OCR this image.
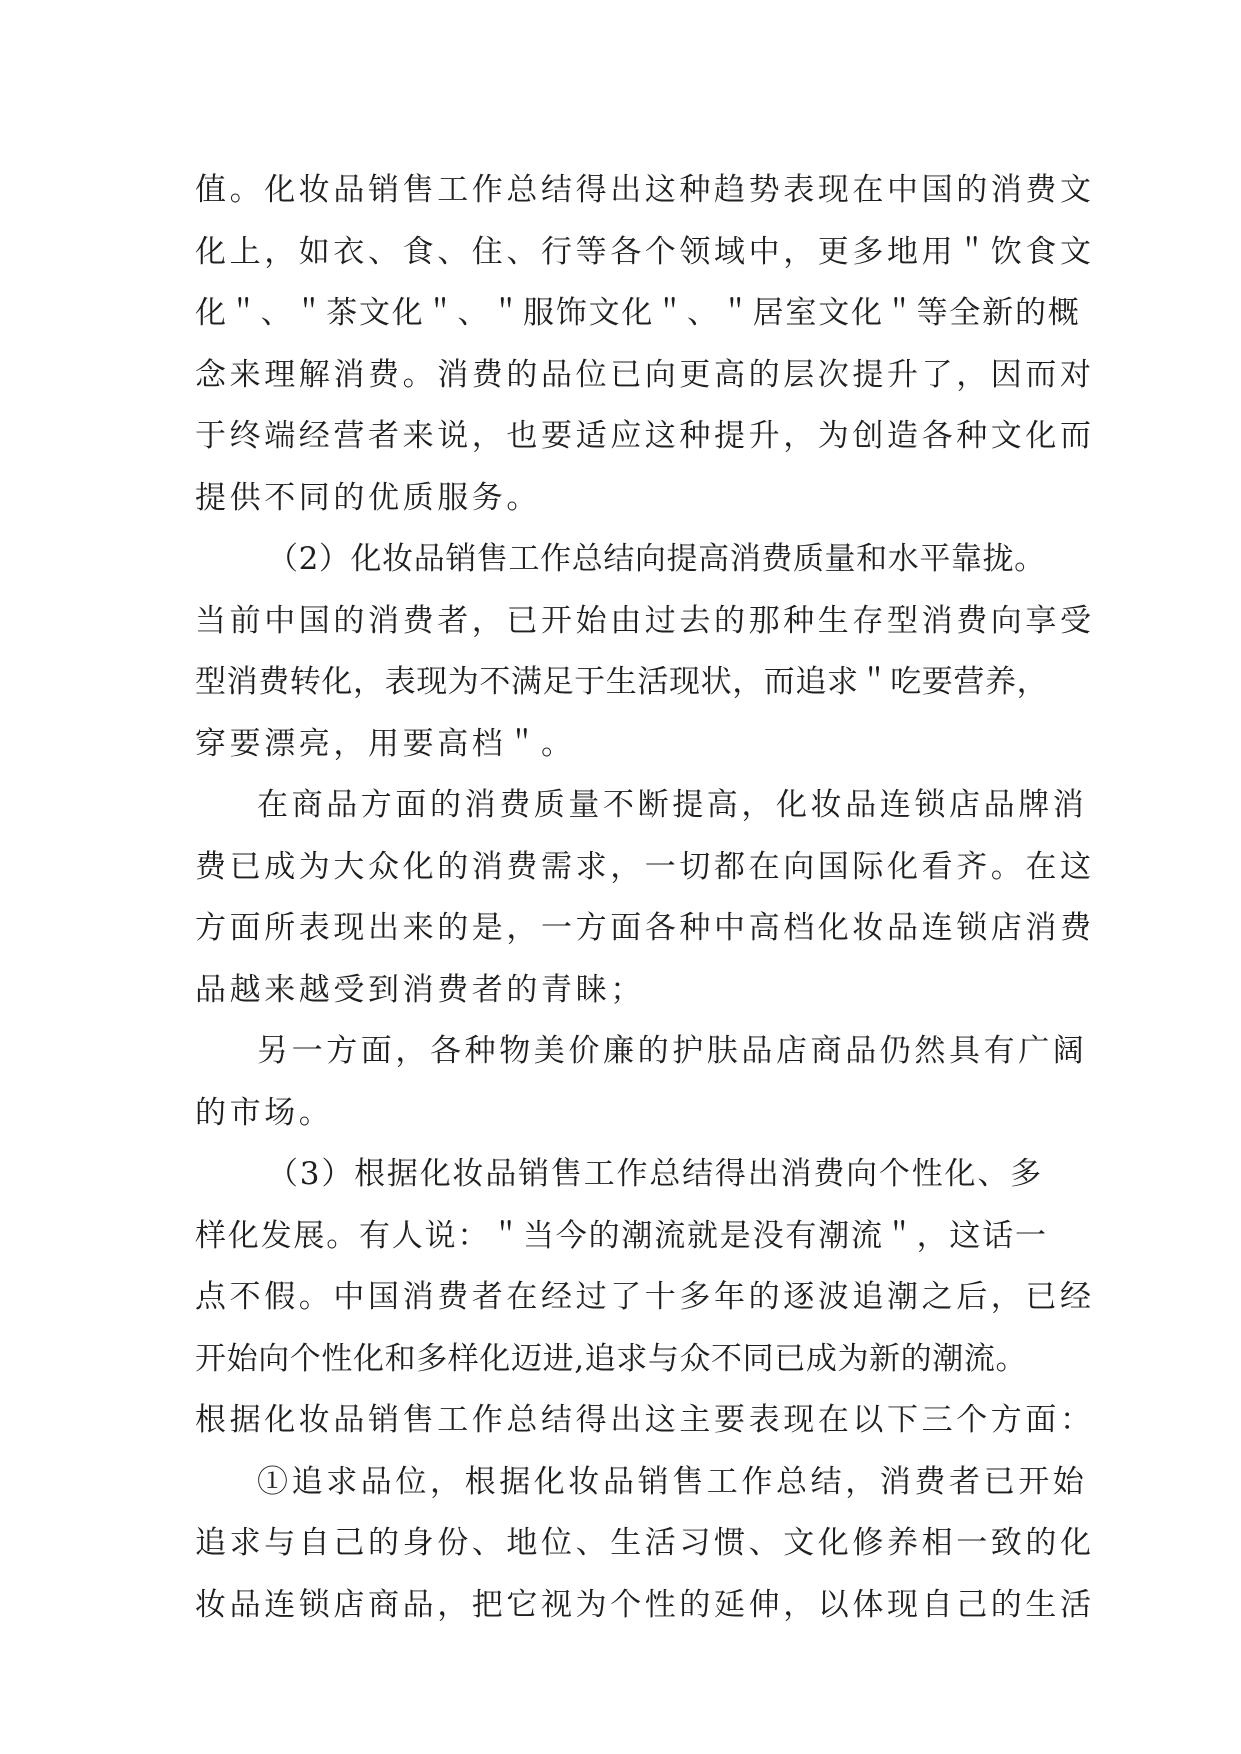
值。化妆品销售工作总结得出这种趋势表现在中国的消费文
化上，如衣、食、住、行等各个领域中，更多地用＂饮食文
化＂、＂茶文化＂、＂服饰文化＂、＂居室文化＂等全新的概
念来理解消费。消费的品位已向更高的层次提升了，因而对
于终端经营者来说，也要适应这种提升，为创造各种文化而
提供不同的优质服务。
（2）化妆品销售工作总结向提高消费质量和水平靠拢。
当前中国的消费者，已开始由过去的那种生存型消费向享受
型消费转化，表现为不满足于生活现状，而追求＂吃要营养，
穿要漂亮，用要高档＂。
在商品方面的消费质量不断提高，化妆品连锁店品牌消
费已成为大众化的消费需求，一切都在向国际化看齐。在这
方面所表现出来的是，一方面各种中高档化妆品连锁店消费
品越来越受到消费者的青睐；
另一方面，各种物美价廉的护肤品店商品仍然具有广阔
的市场。
（3）根据化妆品销售工作总结得出消费向个性化、多
样化发展。有人说：＂当今的潮流就是没有潮流＂，这话一
点不假。中国消费者在经过了十多年的逐波追潮之后，已经
开始向个性化和多样化迈进,追求与众不同已成为新的潮流。
根据化妆品销售工作总结得出这主要表现在以下三个方面：
①追求品位，根据化妆品销售工作总结，消费者已开始
追求与自己的身份、地位、生活习惯、文化修养相一致的化
妆品连锁店商品，把它视为个性的延伸，以体现自己的生活
